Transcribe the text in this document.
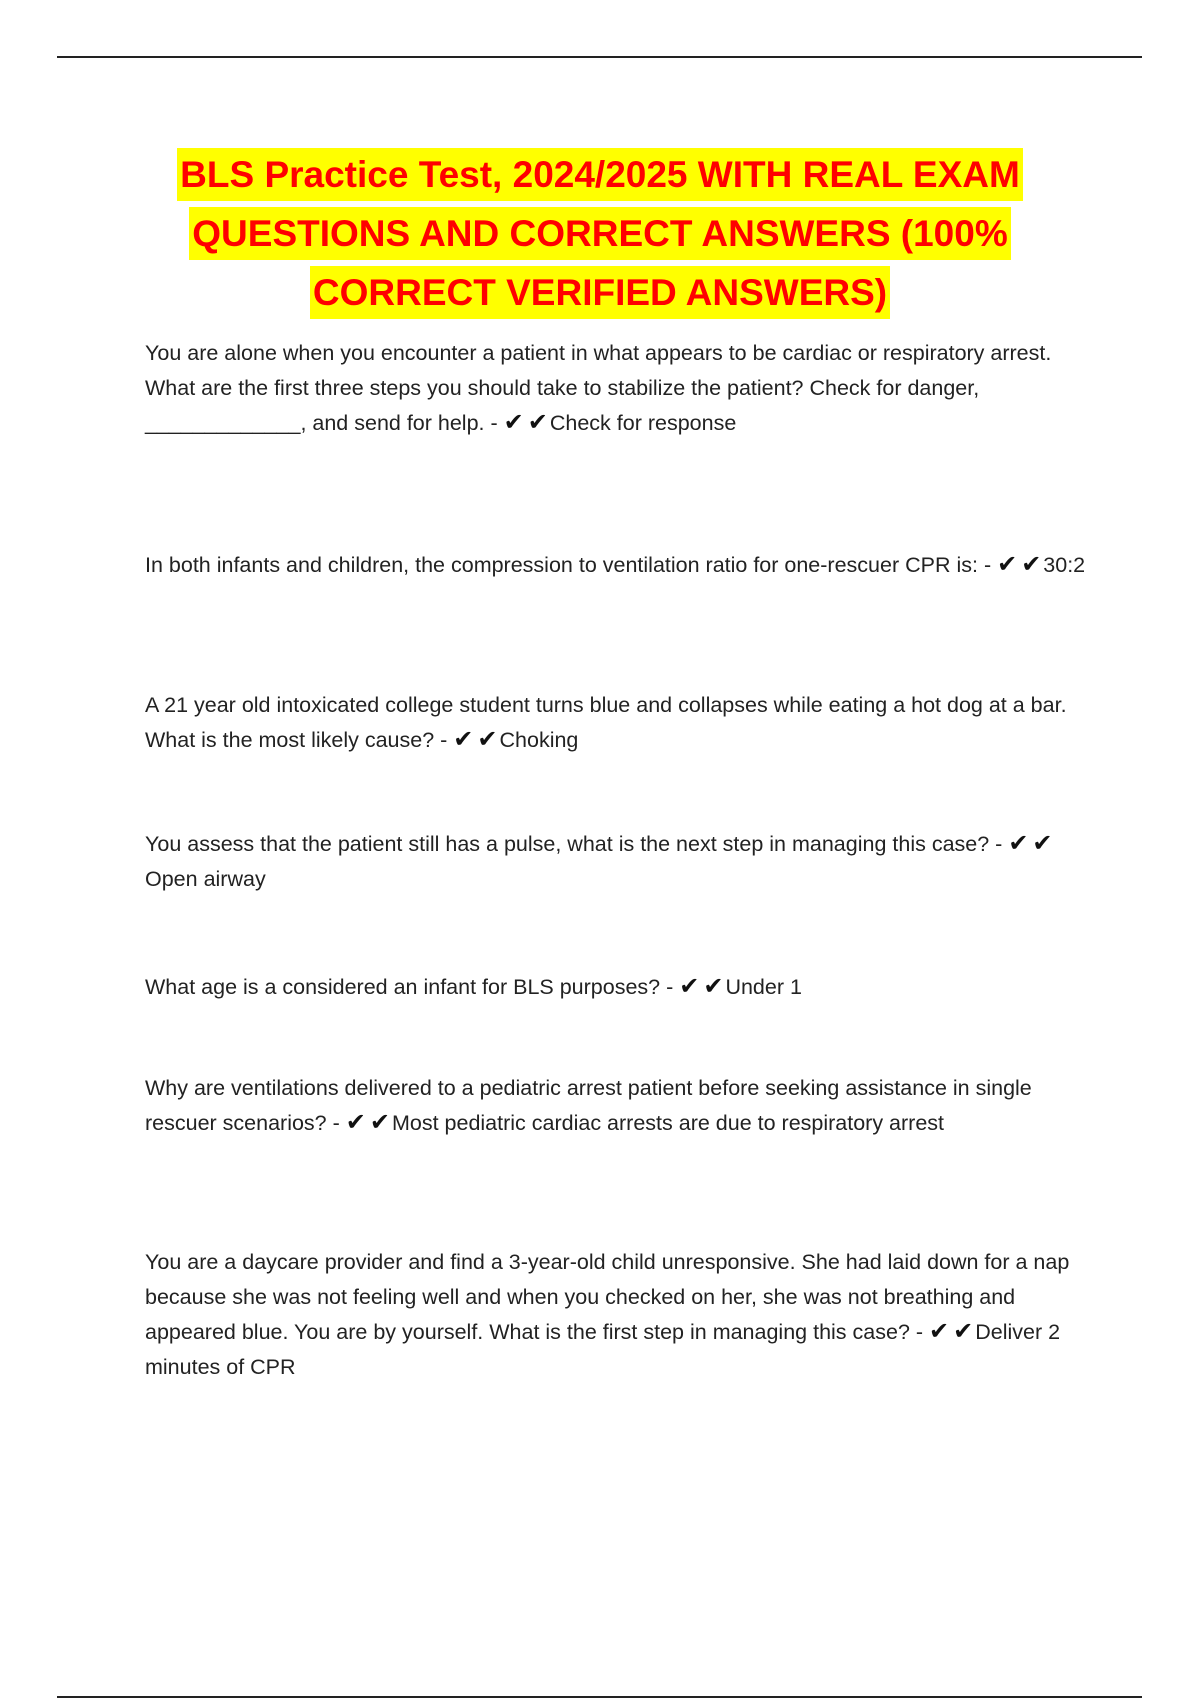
BLS Practice Test, 2024/2025 WITH REAL EXAM
QUESTIONS AND CORRECT ANSWERS (100%
CORRECT VERIFIED ANSWERS)
You are alone when you encounter a patient in what appears to be cardiac or respiratory arrest. What are the first three steps you should take to stabilize the patient? Check for danger, _____________, and send for help. - ✔ ✔Check for response
In both infants and children, the compression to ventilation ratio for one-rescuer CPR is: - ✔ ✔30:2
A 21 year old intoxicated college student turns blue and collapses while eating a hot dog at a bar. What is the most likely cause? - ✔ ✔Choking
You assess that the patient still has a pulse, what is the next step in managing this case? - ✔ ✔Open airway
What age is a considered an infant for BLS purposes? - ✔ ✔Under 1
Why are ventilations delivered to a pediatric arrest patient before seeking assistance in single rescuer scenarios? - ✔ ✔Most pediatric cardiac arrests are due to respiratory arrest
You are a daycare provider and find a 3-year-old child unresponsive. She had laid down for a nap because she was not feeling well and when you checked on her, she was not breathing and appeared blue. You are by yourself. What is the first step in managing this case? - ✔ ✔Deliver 2 minutes of CPR
